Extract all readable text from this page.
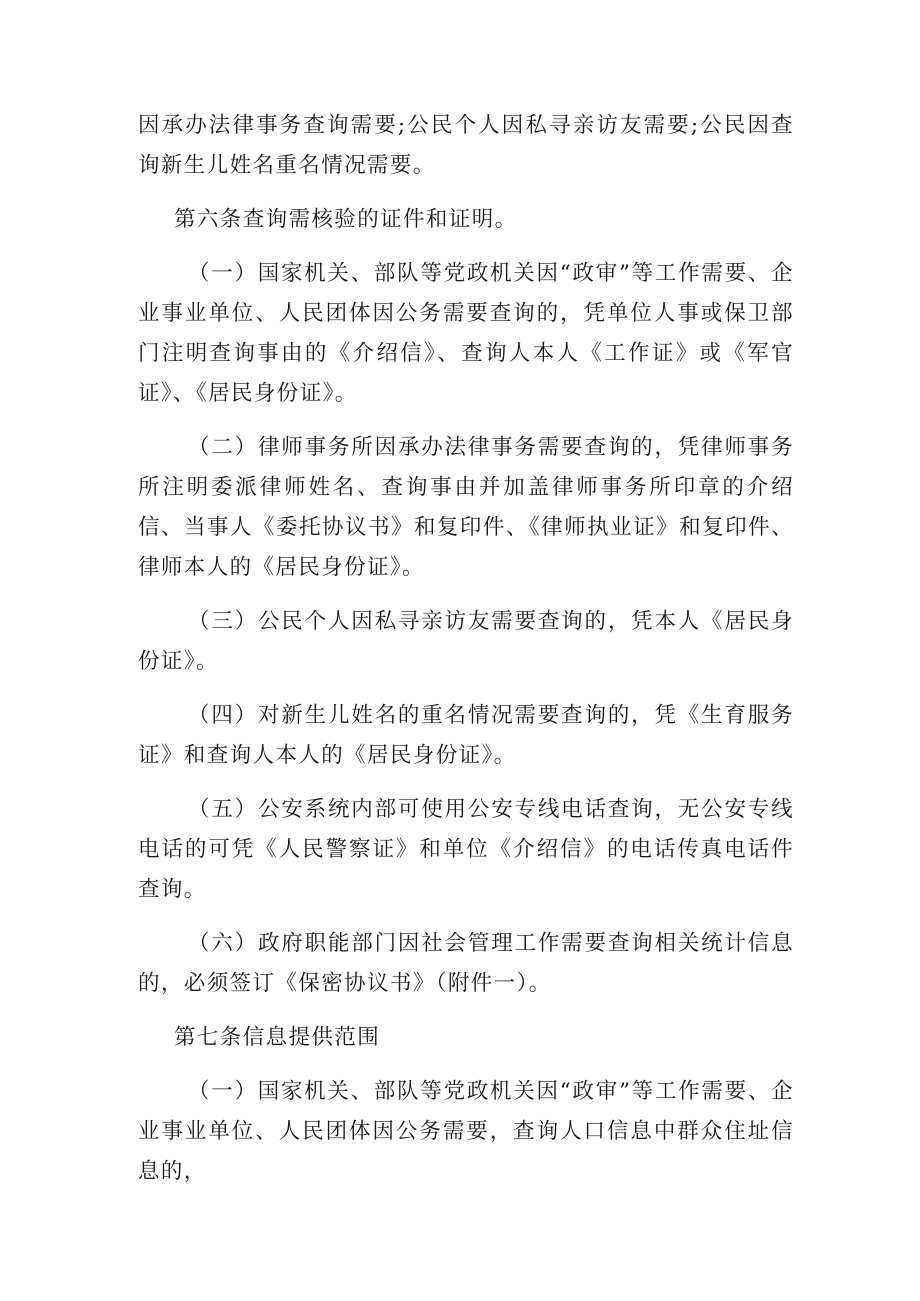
因承办法律事务查询需要;公民个人因私寻亲访友需要;公民因查询新生儿姓名重名情况需要。

第六条查询需核验的证件和证明。

（一）国家机关、部队等党政机关因“政审”等工作需要、企业事业单位、人民团体因公务需要查询的，凭单位人事或保卫部门注明查询事由的《介绍信》、查询人本人《工作证》或《军官证》、《居民身份证》。

（二）律师事务所因承办法律事务需要查询的，凭律师事务所注明委派律师姓名、查询事由并加盖律师事务所印章的介绍信、当事人《委托协议书》和复印件、《律师执业证》和复印件、律师本人的《居民身份证》。

（三）公民个人因私寻亲访友需要查询的，凭本人《居民身份证》。

（四）对新生儿姓名的重名情况需要查询的，凭《生育服务证》和查询人本人的《居民身份证》。

（五）公安系统内部可使用公安专线电话查询，无公安专线电话的可凭《人民警察证》和单位《介绍信》的电话传真电话件查询。

（六）政府职能部门因社会管理工作需要查询相关统计信息的，必须签订《保密协议书》（附件一）。

第七条信息提供范围

（一）国家机关、部队等党政机关因“政审”等工作需要、企业事业单位、人民团体因公务需要，查询人口信息中群众住址信息的，
